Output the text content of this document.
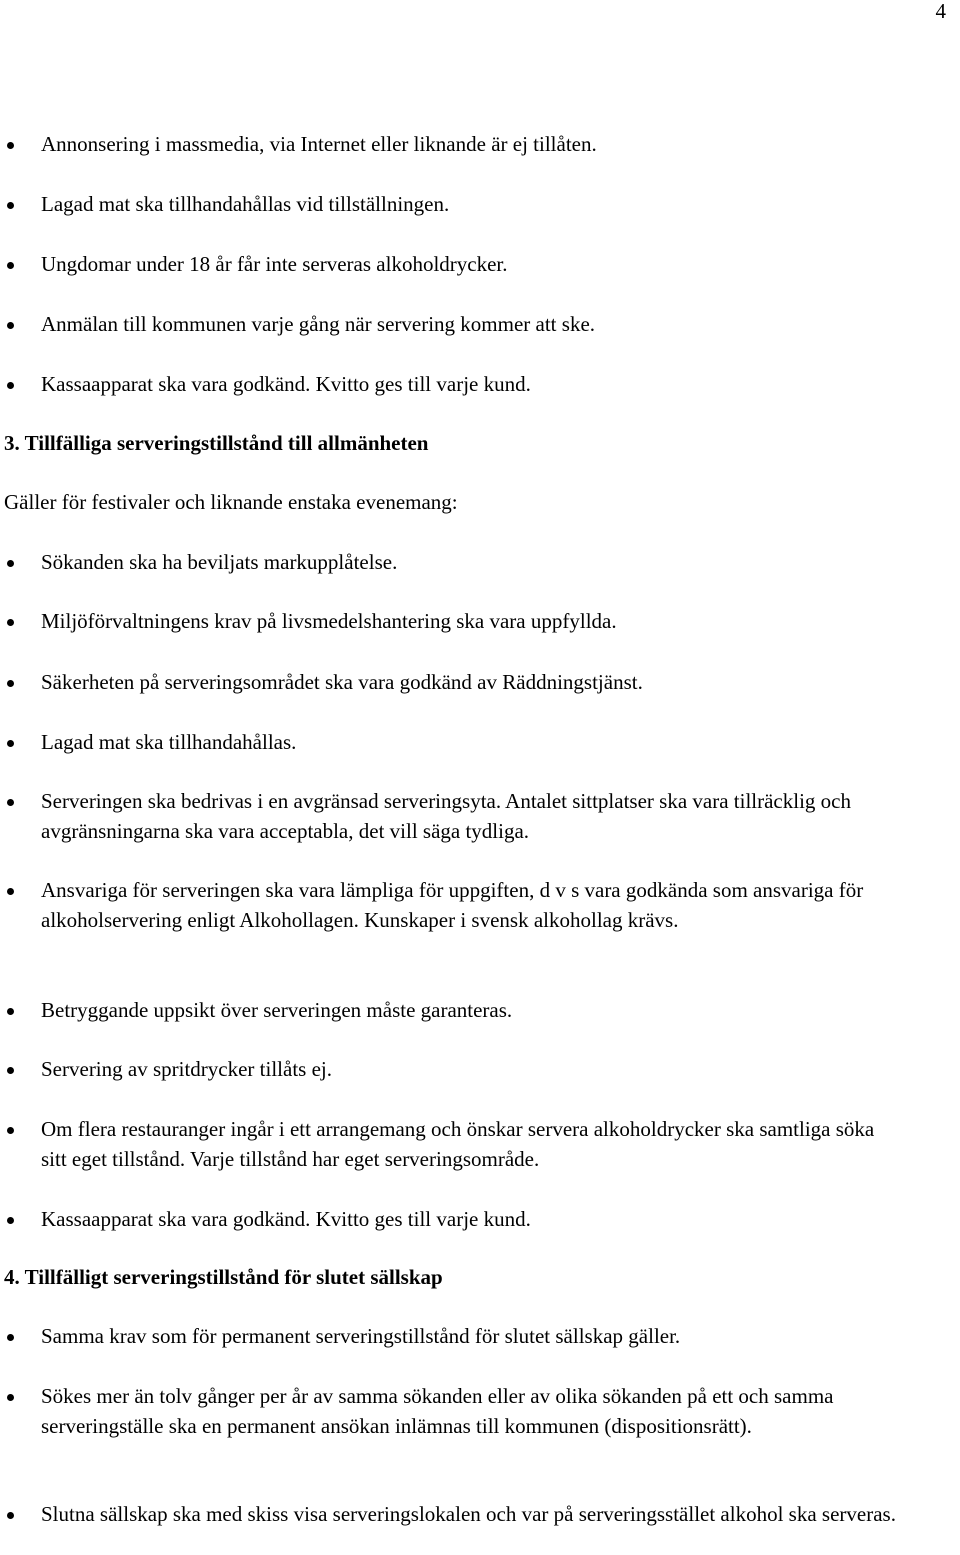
4

Annonsering i massmedia, via Internet eller liknande är ej tillåten.

Lagad mat ska tillhandahållas vid tillställningen.

Ungdomar under 18 år får inte serveras alkoholdrycker.

Anmälan till kommunen varje gång när servering kommer att ske.

Kassaapparat ska vara godkänd. Kvitto ges till varje kund.

3. Tillfälliga serveringstillstånd till allmänheten

Gäller för festivaler och liknande enstaka evenemang:

Sökanden ska ha beviljats markupplåtelse.

Miljöförvaltningens krav på livsmedelshantering ska vara uppfyllda.

Säkerheten på serveringsområdet ska vara godkänd av Räddningstjänst.

Lagad mat ska tillhandahållas.

Serveringen ska bedrivas i en avgränsad serveringsyta. Antalet sittplatser ska vara tillräcklig och avgränsningarna ska vara acceptabla, det vill säga tydliga.

Ansvariga för serveringen ska vara lämpliga för uppgiften, d v s vara godkända som ansvariga för alkoholservering enligt Alkohollagen. Kunskaper i svensk alkohollag krävs.

Betryggande uppsikt över serveringen måste garanteras.

Servering av spritdrycker tillåts ej.

Om flera restauranger ingår i ett arrangemang och önskar servera alkoholdrycker ska samtliga söka sitt eget tillstånd. Varje tillstånd har eget serveringsområde.

Kassaapparat ska vara godkänd. Kvitto ges till varje kund.

4. Tillfälligt serveringstillstånd för slutet sällskap

Samma krav som för permanent serveringstillstånd för slutet sällskap gäller.

Sökes mer än tolv gånger per år av samma sökanden eller av olika sökanden på ett och samma serveringställe ska en permanent ansökan inlämnas till kommunen (dispositionsrätt).

Slutna sällskap ska med skiss visa serveringslokalen och var på serveringsstället alkohol ska serveras.
